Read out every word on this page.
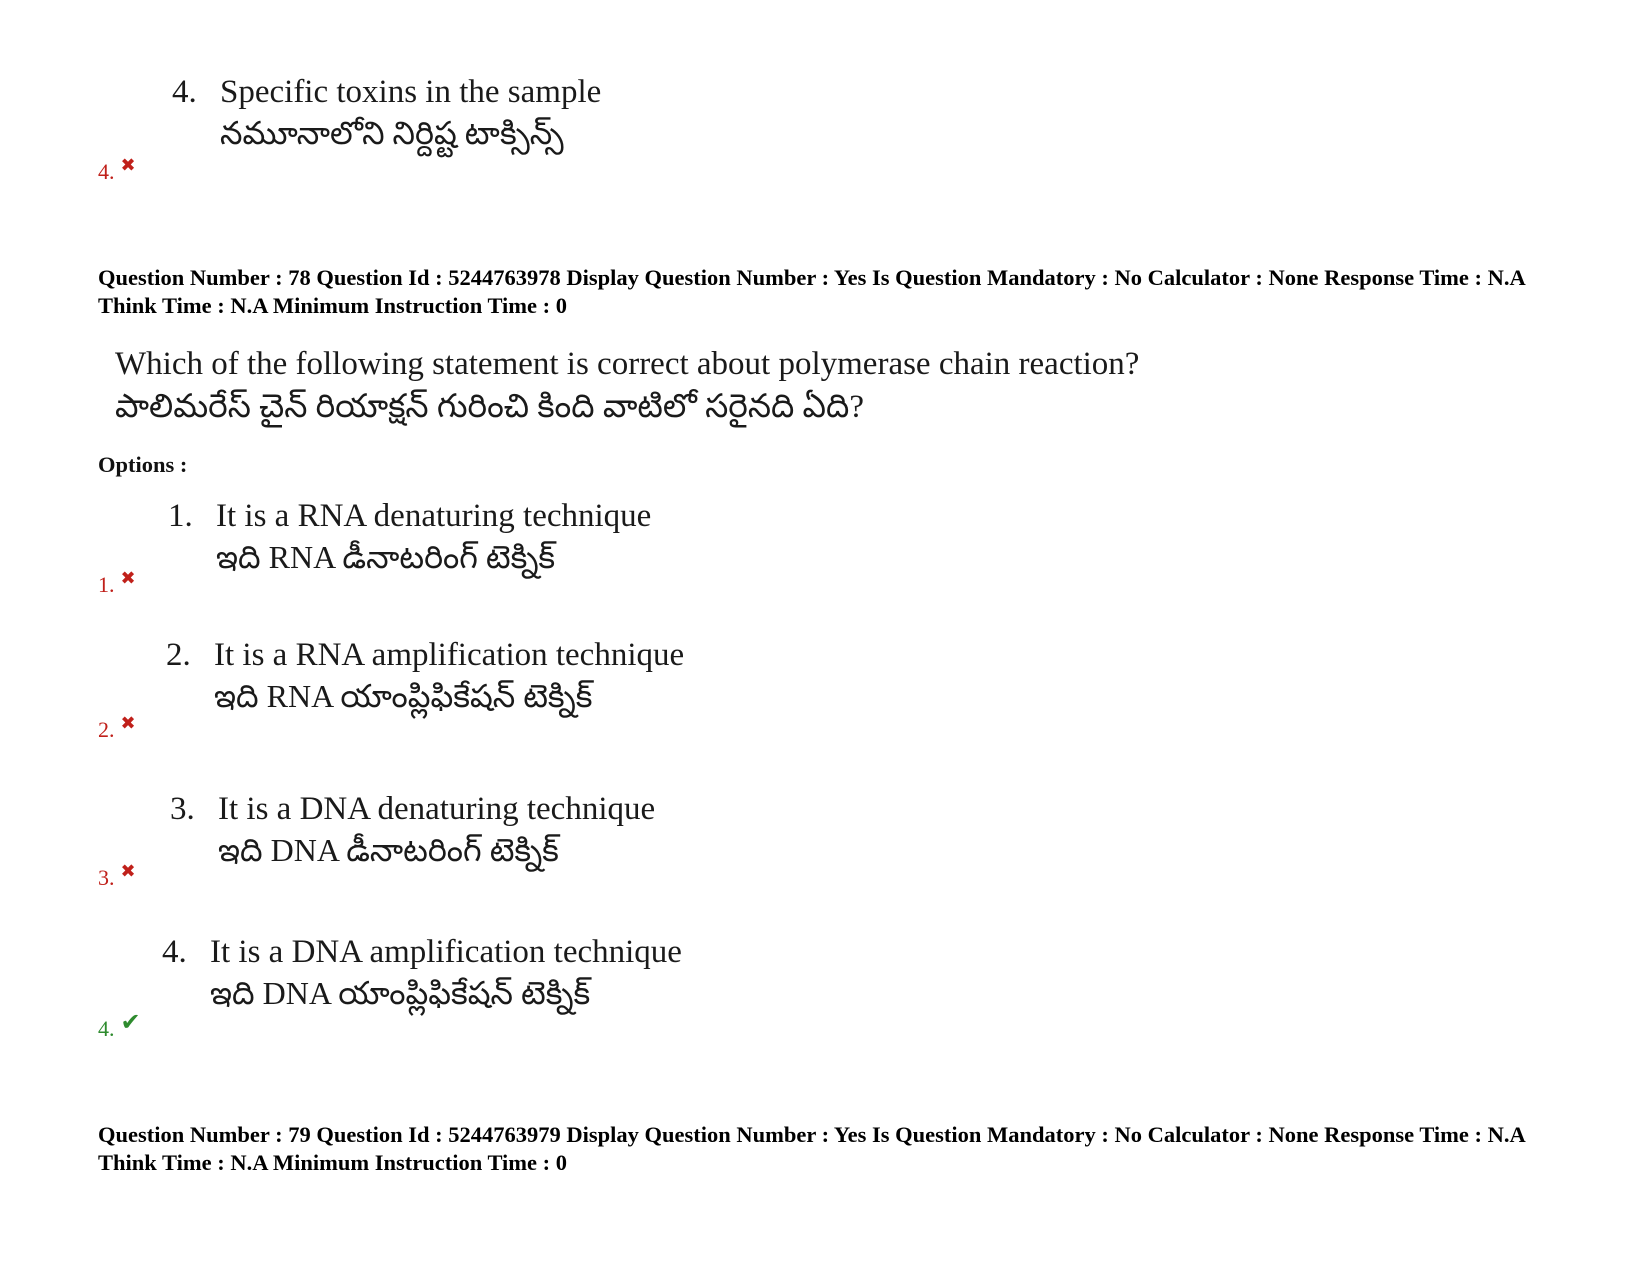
4. Specific toxins in the sample
నమూనాలోని నిర్దిష్ట టాక్సిన్స్
4. ✖
Question Number : 78 Question Id : 5244763978 Display Question Number : Yes Is Question Mandatory : No Calculator : None Response Time : N.A Think Time : N.A Minimum Instruction Time : 0
Which of the following statement is correct about polymerase chain reaction?
పాలిమరేస్ చైన్ రియాక్షన్ గురించి కింది వాటిలో సరైనది ఏది?
Options :
1. It is a RNA denaturing technique
ఇది RNA డీనాటరింగ్ టెక్నిక్
1. ✖
2. It is a RNA amplification technique
ఇది RNA యాంప్లిఫికేషన్ టెక్నిక్
2. ✖
3. It is a DNA denaturing technique
ఇది DNA డీనాటరింగ్ టెక్నిక్
3. ✖
4. It is a DNA amplification technique
ఇది DNA యాంప్లిఫికేషన్ టెక్నిక్
4. ✔
Question Number : 79 Question Id : 5244763979 Display Question Number : Yes Is Question Mandatory : No Calculator : None Response Time : N.A Think Time : N.A Minimum Instruction Time : 0
